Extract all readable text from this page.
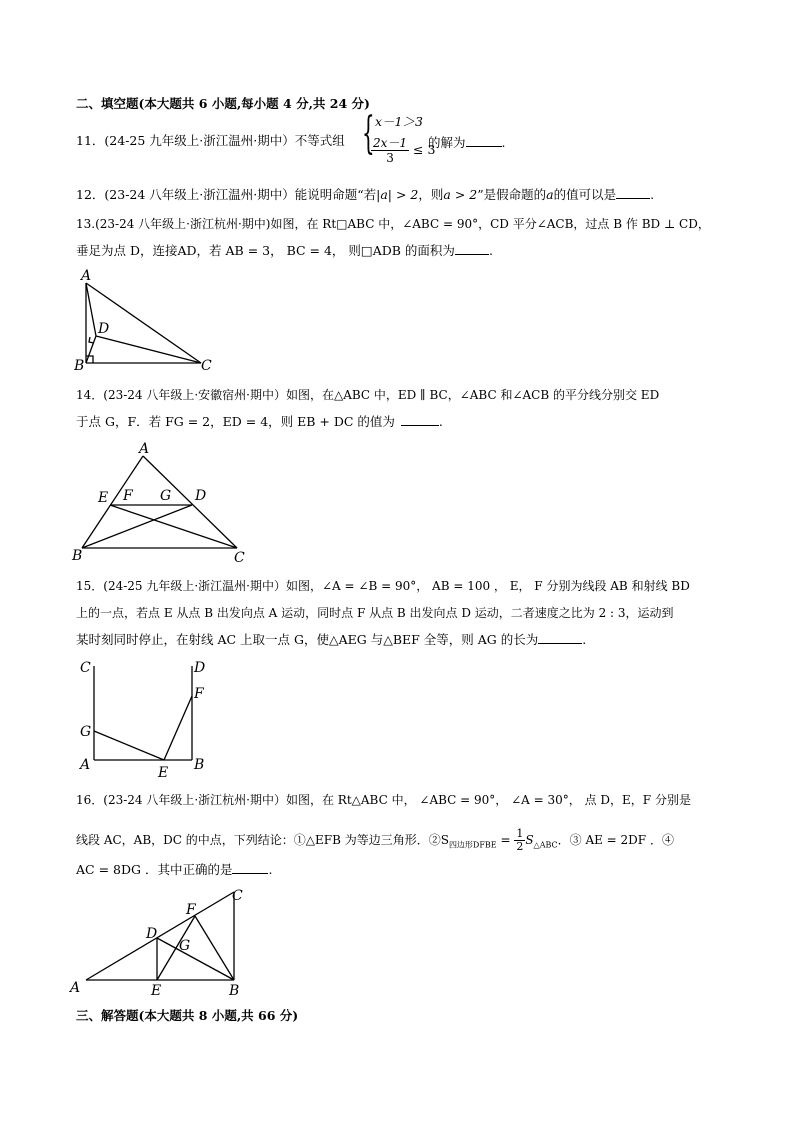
二、填空题(本大题共 6 小题,每小题 4 分,共 24 分)
11．(24-25 九年级上·浙江温州·期中）不等式组 { x－1＞3
$\frac{2x-1}{3} \le 3$
的解为	.
12．(23-24 八年级上·浙江温州·期中）能说明命题“若|a| > 2，则a > 2”是假命题的a的值可以是	.
13.(23-24 八年级上·浙江杭州·期中)如图，在 Rt□ABC 中，∠ABC = 90°，CD 平分∠ACB，过点 B 作 BD ⊥ CD，
垂足为点 D，连接AD，若 AB = 3， BC = 4， 则□ADB 的面积为	.
A
D
B	C
14．(23-24 八年级上·安徽宿州·期中）如图，在△ABC 中，ED ∥ BC，∠ABC 和∠ACB 的平分线分别交 ED
于点 G，F．若 FG = 2，ED = 4，则 EB + DC 的值为	.
A
E F G D
B	C
15．(24-25 九年级上·浙江温州·期中）如图，∠A = ∠B = 90°， AB = 100 ， E， F 分别为线段 AB 和射线 BD
上的一点，若点 E 从点 B 出发向点 A 运动，同时点 F 从点 B 出发向点 D 运动，二者速度之比为 2 : 3，运动到
某时刻同时停止，在射线 AC 上取一点 G，使△AEG 与△BEF 全等，则 AG 的长为	.
C	D
F
G
A	E B
16．(23-24 八年级上·浙江杭州·期中）如图，在 Rt△ABC 中， ∠ABC = 90°， ∠A = 30°， 点 D，E，F 分别是
线段 AC，AB，DC 的中点，下列结论：①△EFB 为等边三角形．$②S_{四边形DFBE} = \frac{1}{2} S_{\triangle ABC}$．③ AE = 2DF ．④
AC = 8DG ．其中正确的是	.
C
F
D
G
A	E	B
三、解答题(本大题共 8 小题,共 66 分)
